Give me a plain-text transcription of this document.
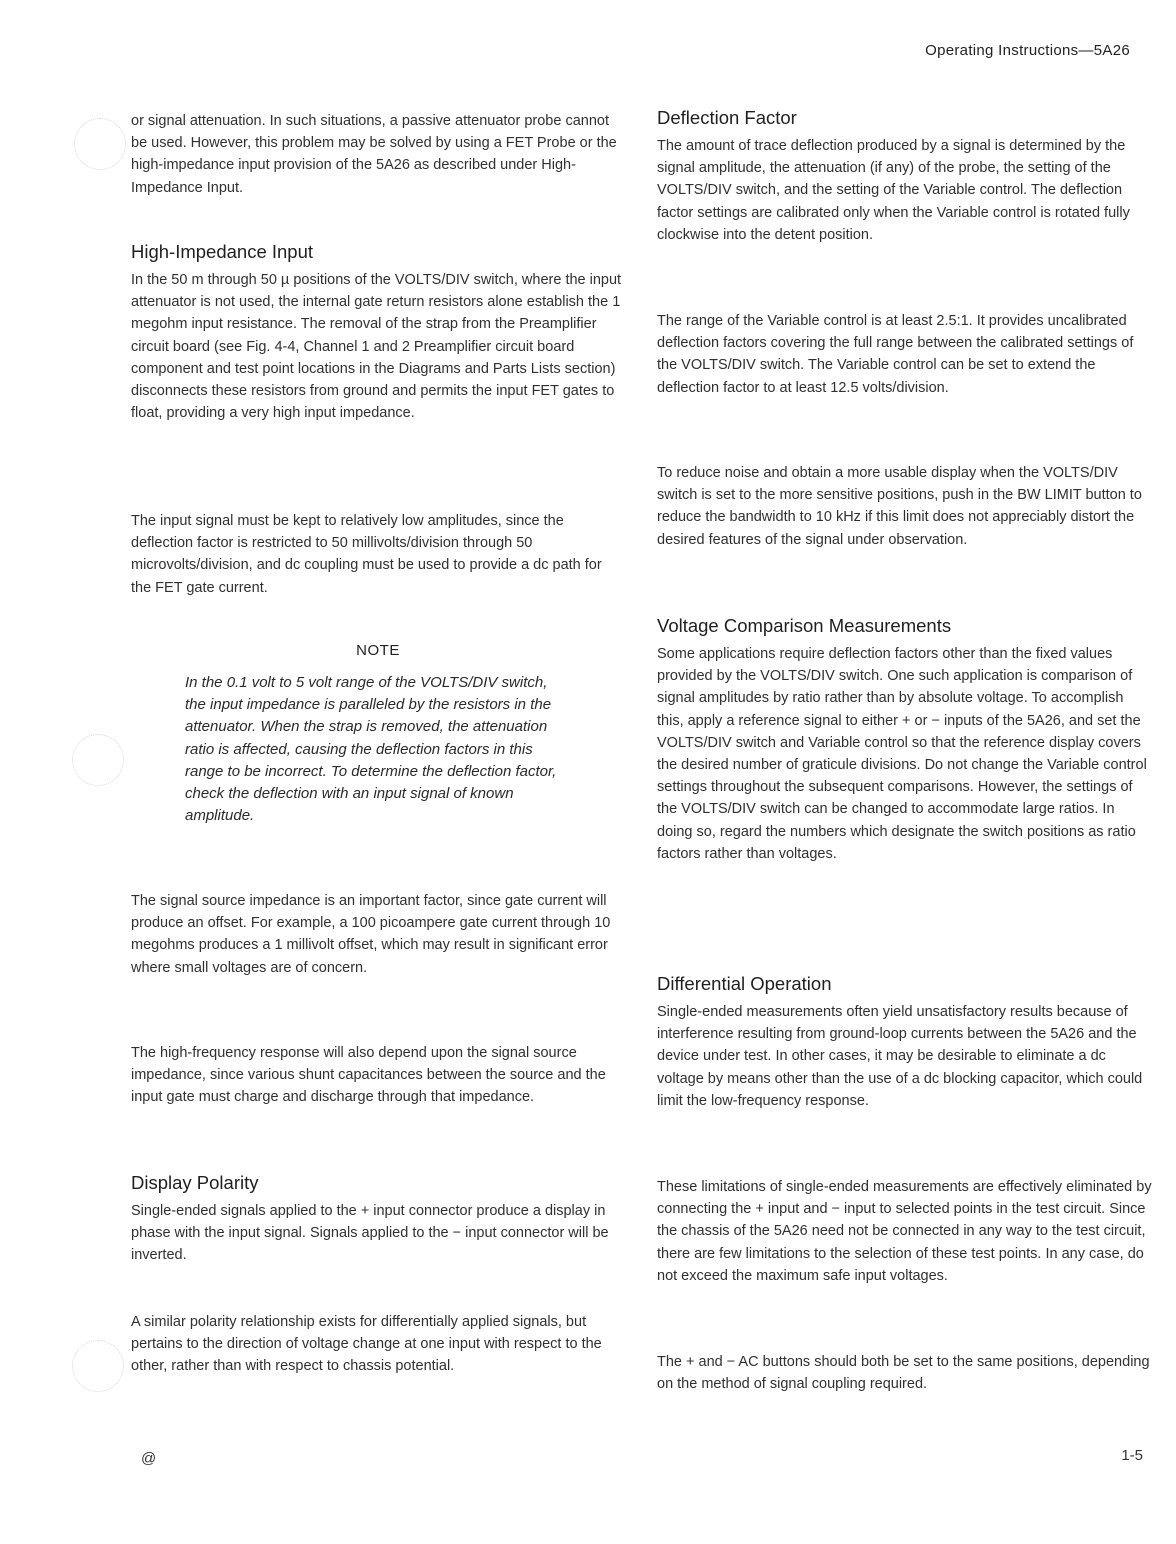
Operating Instructions—5A26

or signal attenuation. In such situations, a passive attenuator probe cannot be used. However, this problem may be solved by using a FET Probe or the high-impedance input provision of the 5A26 as described under High-Impedance Input.

High-Impedance Input

In the 50 m through 50 µ positions of the VOLTS/DIV switch, where the input attenuator is not used, the internal gate return resistors alone establish the 1 megohm input resistance. The removal of the strap from the Preamplifier circuit board (see Fig. 4-4, Channel 1 and 2 Preamplifier circuit board component and test point locations in the Diagrams and Parts Lists section) disconnects these resistors from ground and permits the input FET gates to float, providing a very high input impedance.

The input signal must be kept to relatively low amplitudes, since the deflection factor is restricted to 50 millivolts/division through 50 microvolts/division, and dc coupling must be used to provide a dc path for the FET gate current.

NOTE

In the 0.1 volt to 5 volt range of the VOLTS/DIV switch, the input impedance is paralleled by the resistors in the attenuator. When the strap is removed, the attenuation ratio is affected, causing the deflection factors in this range to be incorrect. To determine the deflection factor, check the deflection with an input signal of known amplitude.

The signal source impedance is an important factor, since gate current will produce an offset. For example, a 100 picoampere gate current through 10 megohms produces a 1 millivolt offset, which may result in significant error where small voltages are of concern.

The high-frequency response will also depend upon the signal source impedance, since various shunt capacitances between the source and the input gate must charge and discharge through that impedance.

Display Polarity

Single-ended signals applied to the + input connector produce a display in phase with the input signal. Signals applied to the − input connector will be inverted.

A similar polarity relationship exists for differentially applied signals, but pertains to the direction of voltage change at one input with respect to the other, rather than with respect to chassis potential.

Deflection Factor

The amount of trace deflection produced by a signal is determined by the signal amplitude, the attenuation (if any) of the probe, the setting of the VOLTS/DIV switch, and the setting of the Variable control. The deflection factor settings are calibrated only when the Variable control is rotated fully clockwise into the detent position.

The range of the Variable control is at least 2.5:1. It provides uncalibrated deflection factors covering the full range between the calibrated settings of the VOLTS/DIV switch. The Variable control can be set to extend the deflection factor to at least 12.5 volts/division.

To reduce noise and obtain a more usable display when the VOLTS/DIV switch is set to the more sensitive positions, push in the BW LIMIT button to reduce the bandwidth to 10 kHz if this limit does not appreciably distort the desired features of the signal under observation.

Voltage Comparison Measurements

Some applications require deflection factors other than the fixed values provided by the VOLTS/DIV switch. One such application is comparison of signal amplitudes by ratio rather than by absolute voltage. To accomplish this, apply a reference signal to either + or − inputs of the 5A26, and set the VOLTS/DIV switch and Variable control so that the reference display covers the desired number of graticule divisions. Do not change the Variable control settings throughout the subsequent comparisons. However, the settings of the VOLTS/DIV switch can be changed to accommodate large ratios. In doing so, regard the numbers which designate the switch positions as ratio factors rather than voltages.

Differential Operation

Single-ended measurements often yield unsatisfactory results because of interference resulting from ground-loop currents between the 5A26 and the device under test. In other cases, it may be desirable to eliminate a dc voltage by means other than the use of a dc blocking capacitor, which could limit the low-frequency response.

These limitations of single-ended measurements are effectively eliminated by connecting the + input and − input to selected points in the test circuit. Since the chassis of the 5A26 need not be connected in any way to the test circuit, there are few limitations to the selection of these test points. In any case, do not exceed the maximum safe input voltages.

The + and − AC buttons should both be set to the same positions, depending on the method of signal coupling required.

@	1-5
